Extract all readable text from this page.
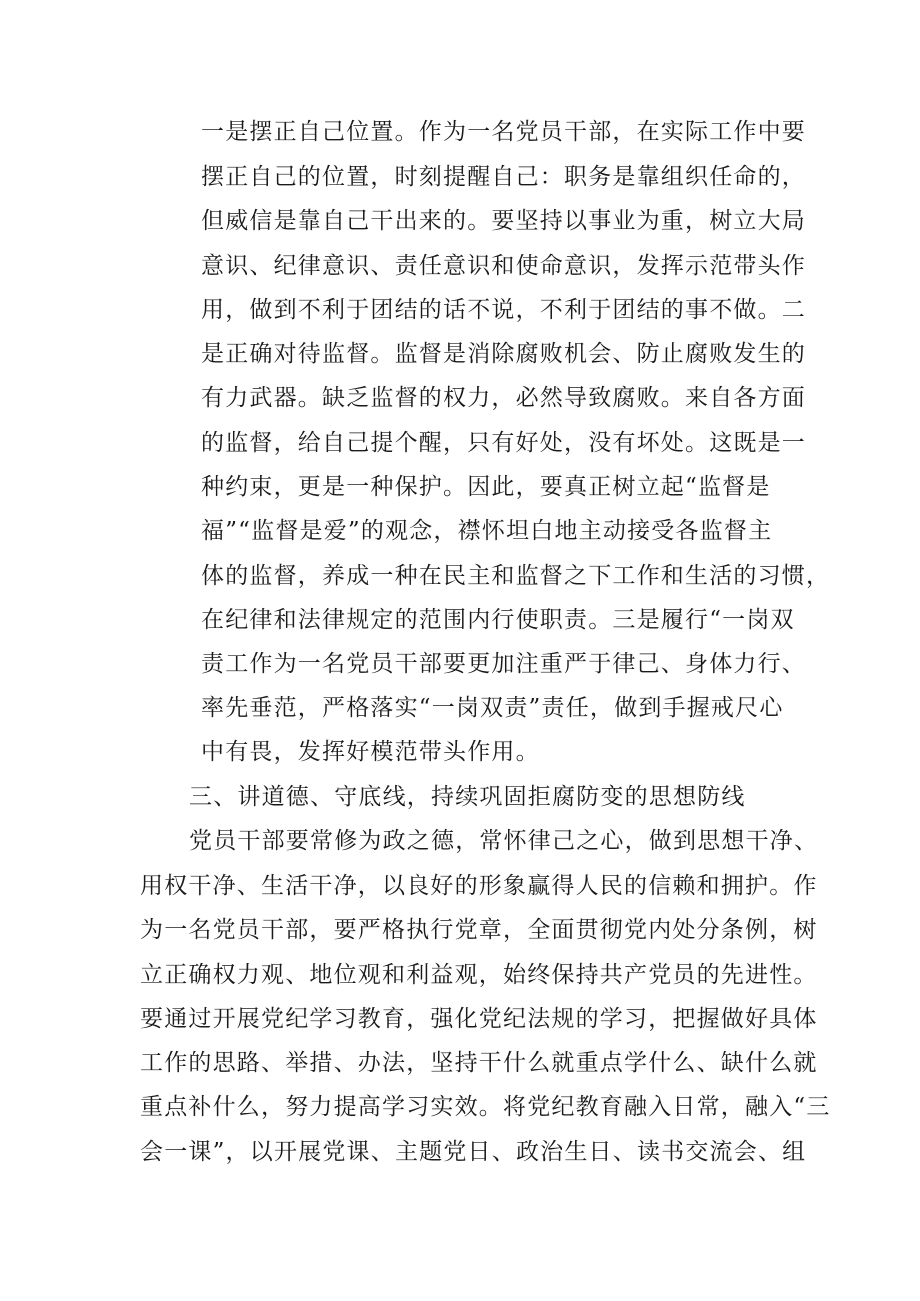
一是摆正自己位置。作为一名党员干部，在实际工作中要
摆正自己的位置，时刻提醒自己：职务是靠组织任命的，
但威信是靠自己干出来的。要坚持以事业为重，树立大局
意识、纪律意识、责任意识和使命意识，发挥示范带头作
用，做到不利于团结的话不说，不利于团结的事不做。二
是正确对待监督。监督是消除腐败机会、防止腐败发生的
有力武器。缺乏监督的权力，必然导致腐败。来自各方面
的监督，给自己提个醒，只有好处，没有坏处。这既是一
种约束，更是一种保护。因此，要真正树立起“监督是
福”“监督是爱”的观念，襟怀坦白地主动接受各监督主
体的监督，养成一种在民主和监督之下工作和生活的习惯，
在纪律和法律规定的范围内行使职责。三是履行“一岗双
责工作为一名党员干部要更加注重严于律己、身体力行、
率先垂范，严格落实“一岗双责”责任，做到手握戒尺心
中有畏，发挥好模范带头作用。
三、讲道德、守底线，持续巩固拒腐防变的思想防线
党员干部要常修为政之德，常怀律己之心，做到思想干净、
用权干净、生活干净，以良好的形象赢得人民的信赖和拥护。作
为一名党员干部，要严格执行党章，全面贯彻党内处分条例，树
立正确权力观、地位观和利益观，始终保持共产党员的先进性。
要通过开展党纪学习教育，强化党纪法规的学习，把握做好具体
工作的思路、举措、办法，坚持干什么就重点学什么、缺什么就
重点补什么，努力提高学习实效。将党纪教育融入日常，融入“三
会一课”，以开展党课、主题党日、政治生日、读书交流会、组
